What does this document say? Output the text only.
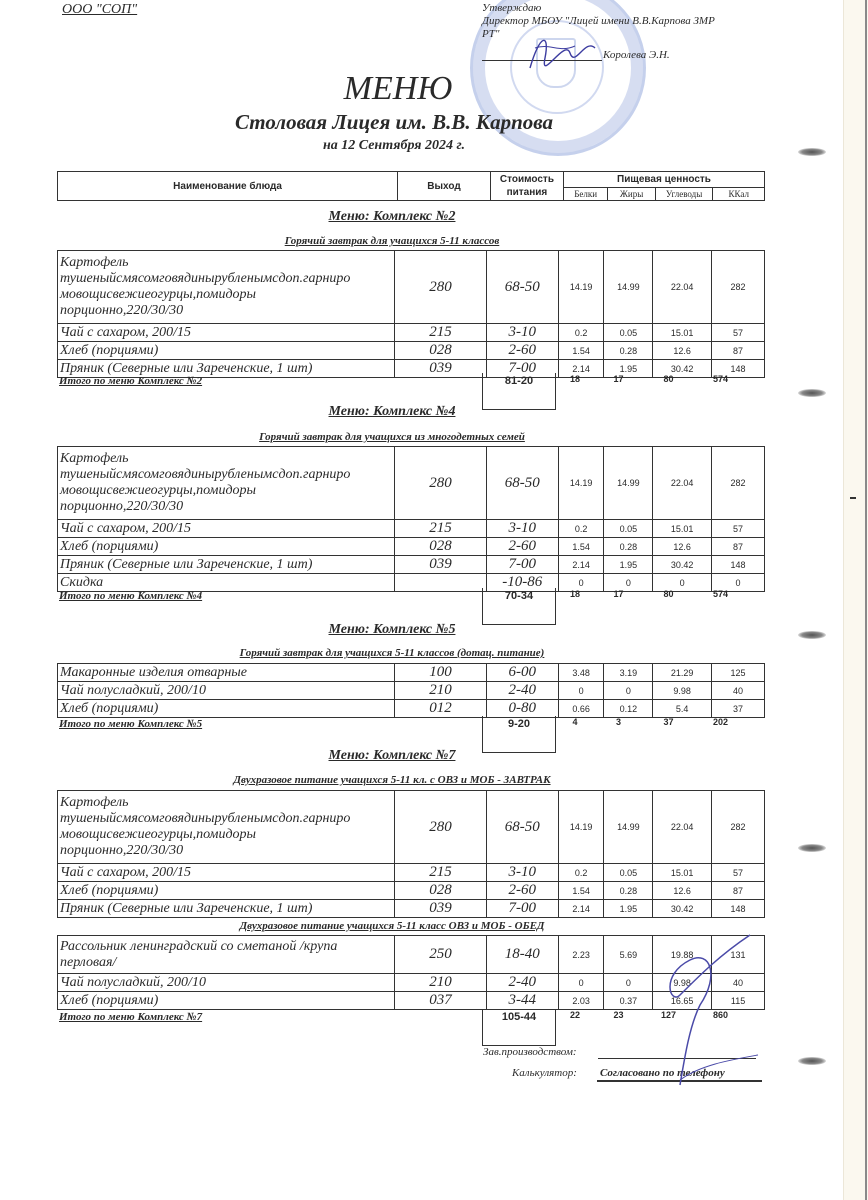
ООО "СОП"	Утверждаю
Директор МБОУ "Лицей имени В.В.Карпова ЗМР
РТ"
Королева Э.Н.
МЕНЮ
Столовая Лицея им. В.В. Карпова
на 12 Сентября 2024 г.
Наименование блюда	Выход	Стоимость
питания	Пищевая ценность			
			Белки	Жиры	Углеводы	ККал
Меню: Комплекс №2
Горячий завтрак для учащихся 5-11 классов
Картофель
тушеныйсмясомговядинырубленымсдоп.гарниро
мовощисвежиеогурцы,помидоры
порционно,220/30/30	280	68-50	14.19	14.99	22.04	282
Чай с сахаром, 200/15	215	3-10	0.2	0.05	15.01	57
Хлеб (порциями)	028	2-60	1.54	0.28	12.6	87
Пряник (Северные или Зареченские, 1 шт)	039	7-00	2.14	1.95	30.42	148
Итого по меню Комплекс №2	81-20	18	17	80	574
Меню: Комплекс №4
Горячий завтрак для учащихся из многодетных семей
Картофель
тушеныйсмясомговядинырубленымсдоп.гарниро
мовощисвежиеогурцы,помидоры
порционно,220/30/30	280	68-50	14.19	14.99	22.04	282
Чай с сахаром, 200/15	215	3-10	0.2	0.05	15.01	57
Хлеб (порциями)	028	2-60	1.54	0.28	12.6	87
Пряник (Северные или Зареченские, 1 шт)	039	7-00	2.14	1.95	30.42	148
Скидка		-10-86	0	0	0	0
Итого по меню Комплекс №4	70-34	18	17	80	574
Меню: Комплекс №5
Горячий завтрак для учащихся 5-11 классов (дотац. питание)
Макаронные изделия отварные	100	6-00	3.48	3.19	21.29	125
Чай полусладкий, 200/10	210	2-40	0	0	9.98	40
Хлеб (порциями)	012	0-80	0.66	0.12	5.4	37
Итого по меню Комплекс №5	9-20	4	3	37	202
Меню: Комплекс №7
Двухразовое питание учащихся 5-11 кл. с ОВЗ и МОБ - ЗАВТРАК
Картофель
тушеныйсмясомговядинырубленымсдоп.гарниро
мовощисвежиеогурцы,помидоры
порционно,220/30/30	280	68-50	14.19	14.99	22.04	282
Чай с сахаром, 200/15	215	3-10	0.2	0.05	15.01	57
Хлеб (порциями)	028	2-60	1.54	0.28	12.6	87
Пряник (Северные или Зареченские, 1 шт)	039	7-00	2.14	1.95	30.42	148
Двухразовое питание учащихся 5-11 класс ОВЗ и МОБ - ОБЕД
Рассольник ленинградский со сметаной /крупа
перловая/	250	18-40	2.23	5.69	19.88	131
Чай полусладкий, 200/10	210	2-40	0	0	9.98	40
Хлеб (порциями)	037	3-44	2.03	0.37	16.65	115
Итого по меню Комплекс №7	105-44	22	23	127	860
Зав.производством:
Калькулятор: Согласовано по телефону
